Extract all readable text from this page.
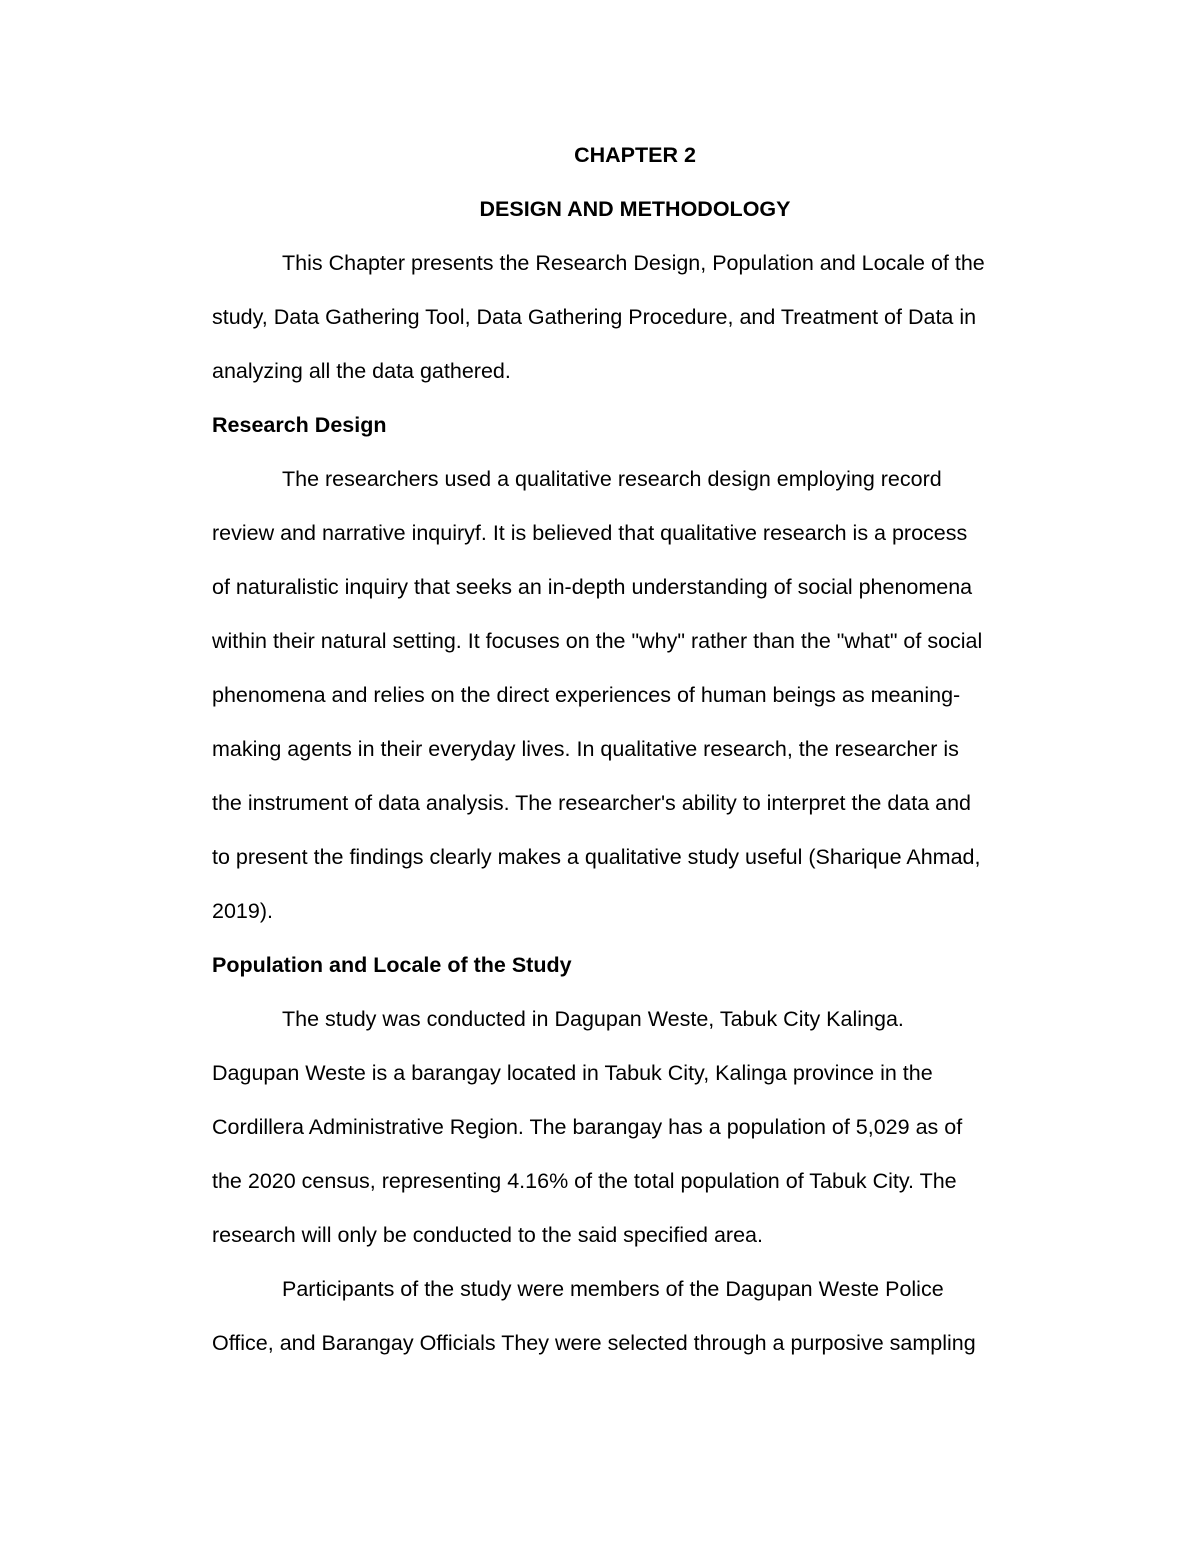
CHAPTER 2
DESIGN AND METHODOLOGY
This Chapter presents the Research Design, Population and Locale of the
study, Data Gathering Tool, Data Gathering Procedure, and Treatment of Data in
analyzing all the data gathered.
Research Design
The researchers used a qualitative research design employing record
review and narrative inquiryf. It is believed that qualitative research is a process
of naturalistic inquiry that seeks an in-depth understanding of social phenomena
within their natural setting. It focuses on the "why" rather than the "what" of social
phenomena and relies on the direct experiences of human beings as meaning-
making agents in their everyday lives. In qualitative research, the researcher is
the instrument of data analysis. The researcher's ability to interpret the data and
to present the findings clearly makes a qualitative study useful (Sharique Ahmad,
2019).
Population and Locale of the Study
The study was conducted in Dagupan Weste, Tabuk City Kalinga.
Dagupan Weste is a barangay located in Tabuk City, Kalinga province in the
Cordillera Administrative Region. The barangay has a population of 5,029 as of
the 2020 census, representing 4.16% of the total population of Tabuk City. The
research will only be conducted to the said specified area.
Participants of the study were members of the Dagupan Weste Police
Office, and Barangay Officials They were selected through a purposive sampling
